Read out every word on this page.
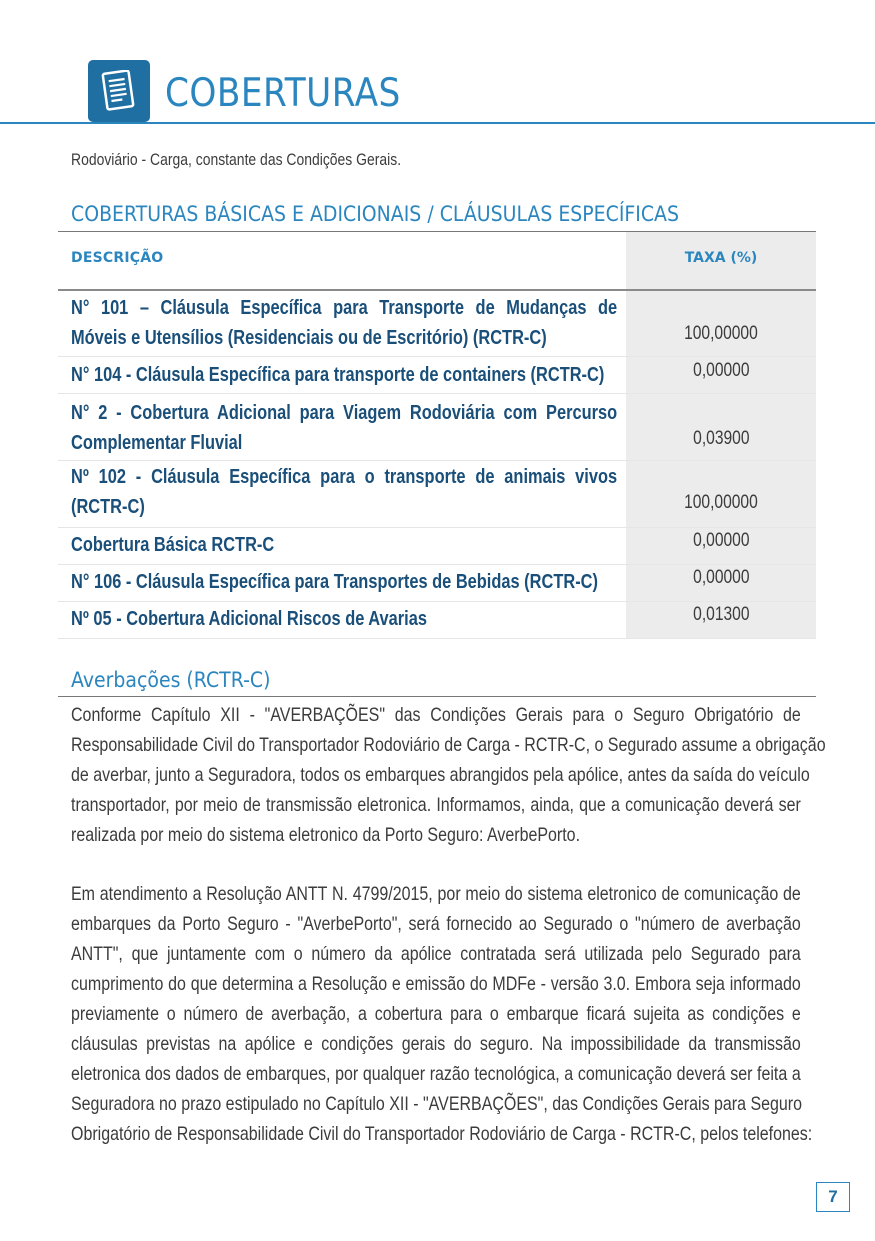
COBERTURAS
Rodoviário - Carga, constante das Condições Gerais.
COBERTURAS BÁSICAS E ADICIONAIS / CLÁUSULAS ESPECÍFICAS
DESCRIÇÃO	TAXA (%)
N° 101 – Cláusula Específica para Transporte de Mudanças de
Móveis e Utensílios (Residenciais ou de Escritório) (RCTR-C)	100,00000
N° 104 - Cláusula Específica para transporte de containers (RCTR-C)	0,00000
N° 2 - Cobertura Adicional para Viagem Rodoviária com Percurso
Complementar Fluvial	0,03900
Nº 102 - Cláusula Específica para o transporte de animais vivos
(RCTR-C)	100,00000
Cobertura Básica RCTR-C	0,00000
N° 106 - Cláusula Específica para Transportes de Bebidas (RCTR-C)	0,00000
Nº 05 - Cobertura Adicional Riscos de Avarias	0,01300
Averbações (RCTR-C)
Conforme Capítulo XII - "AVERBAÇÕES" das Condições Gerais para o Seguro Obrigatório de
Responsabilidade Civil do Transportador Rodoviário de Carga - RCTR-C, o Segurado assume a obrigação
de averbar, junto a Seguradora, todos os embarques abrangidos pela apólice, antes da saída do veículo
transportador, por meio de transmissão eletronica. Informamos, ainda, que a comunicação deverá ser
realizada por meio do sistema eletronico da Porto Seguro: AverbePorto.
Em atendimento a Resolução ANTT N. 4799/2015, por meio do sistema eletronico de comunicação de
embarques da Porto Seguro - "AverbePorto", será fornecido ao Segurado o "número de averbação
ANTT", que juntamente com o número da apólice contratada será utilizada pelo Segurado para
cumprimento do que determina a Resolução e emissão do MDFe - versão 3.0. Embora seja informado
previamente o número de averbação, a cobertura para o embarque ficará sujeita as condições e
cláusulas previstas na apólice e condições gerais do seguro. Na impossibilidade da transmissão
eletronica dos dados de embarques, por qualquer razão tecnológica, a comunicação deverá ser feita a
Seguradora no prazo estipulado no Capítulo XII - "AVERBAÇÕES", das Condições Gerais para Seguro
Obrigatório de Responsabilidade Civil do Transportador Rodoviário de Carga - RCTR-C, pelos telefones:
7
